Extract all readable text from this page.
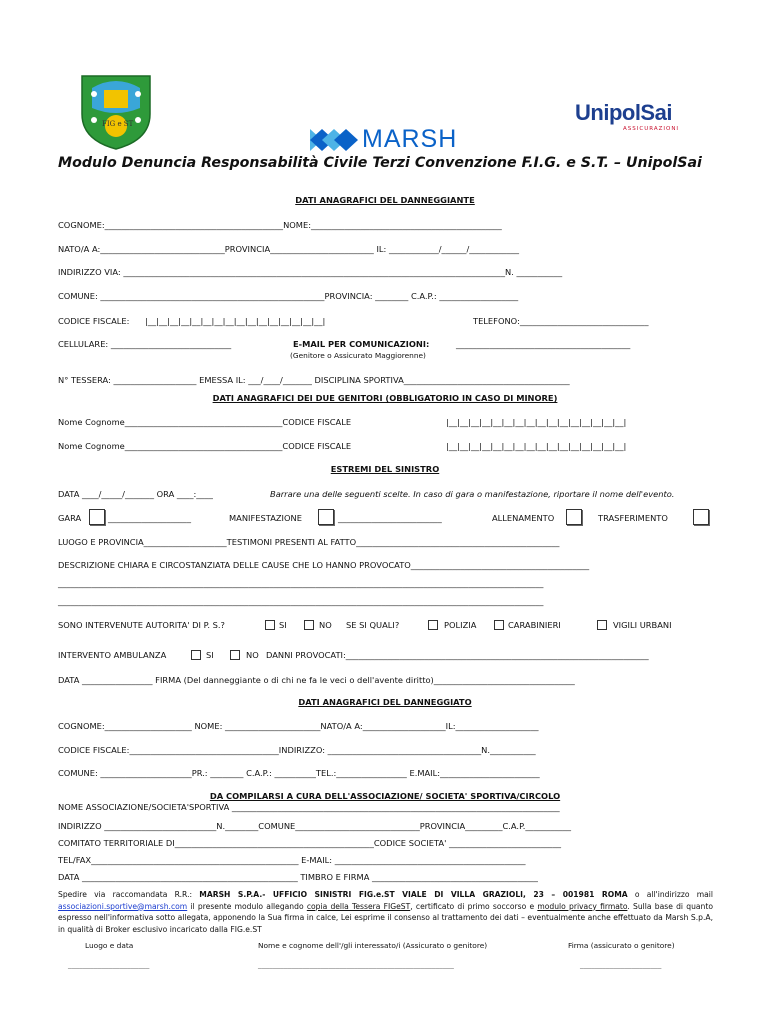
FIG e ST
MARSH
UnipolSai
ASSICURAZIONI
Modulo Denuncia Responsabilità Civile Terzi Convenzione F.I.G. e S.T. – UnipolSai
DATI ANAGRAFICI DEL DANNEGGIANTE
COGNOME:___________________________________________NOME:______________________________________________
NATO/A A:______________________________PROVINCIA_________________________ IL: ____________/______/____________
INDIRIZZO VIA: ____________________________________________________________________________________________N. ___________
COMUNE: ______________________________________________________PROVINCIA: ________ C.A.P.: ___________________
CODICE FISCALE: |__|__|__|__|__|__|__|__|__|__|__|__|__|__|__|__|	TELEFONO:_______________________________
CELLULARE: _____________________________	E-MAIL PER COMUNICAZIONI:	__________________________________________
(Genitore o Assicurato Maggiorenne)
N° TESSERA: ____________________ EMESSA IL: ___/____/_______ DISCIPLINA SPORTIVA________________________________________
DATI ANAGRAFICI DEI DUE GENITORI (OBBLIGATORIO IN CASO DI MINORE)
Nome Cognome______________________________________CODICE FISCALE	|__|__|__|__|__|__|__|__|__|__|__|__|__|__|__|__|
Nome Cognome______________________________________CODICE FISCALE	|__|__|__|__|__|__|__|__|__|__|__|__|__|__|__|__|
ESTREMI DEL SINISTRO
DATA ____/_____/_______ ORA ____:____	Barrare una delle seguenti scelte. In caso di gara o manifestazione, riportare il nome dell'evento.
GARA	____________________	MANIFESTAZIONE	_________________________	ALLENAMENTO	TRASFERIMENTO
LUOGO E PROVINCIA____________________TESTIMONI PRESENTI AL FATTO_________________________________________________
DESCRIZIONE CHIARA E CIRCOSTANZIATA DELLE CAUSE CHE LO HANNO PROVOCATO___________________________________________
_____________________________________________________________________________________________________________________
_____________________________________________________________________________________________________________________
SONO INTERVENUTE AUTORITA' DI P. S.?	SI	NO SE SI QUALI?	POLIZIA	CARABINIERI	VIGILI URBANI
INTERVENTO AMBULANZA	SI	NO DANNI PROVOCATI:_________________________________________________________________________
DATA _________________ FIRMA (Del danneggiante o di chi ne fa le veci o dell'avente diritto)__________________________________
DATI ANAGRAFICI DEL DANNEGGIATO
COGNOME:_____________________ NOME: _______________________NATO/A A:____________________IL:____________________
CODICE FISCALE:____________________________________INDIRIZZO: _____________________________________N.___________
COMUNE: ______________________PR.: ________ C.A.P.: __________TEL.:_________________ E.MAIL:________________________
DA COMPILARSI A CURA DELL'ASSOCIAZIONE/ SOCIETA' SPORTIVA/CIRCOLO
NOME ASSOCIAZIONE/SOCIETA'SPORTIVA _______________________________________________________________________________
INDIRIZZO ___________________________N.________COMUNE______________________________PROVINCIA_________C.A.P.___________
COMITATO TERRITORIALE DI________________________________________________CODICE SOCIETA' ___________________________
TEL/FAX__________________________________________________ E-MAIL: ______________________________________________
DATA ____________________________________________________ TIMBRO E FIRMA ________________________________________
Spedire via raccomandata R.R.: MARSH S.P.A.- UFFICIO SINISTRI FIG.e.ST VIALE DI VILLA GRAZIOLI, 23 – 001981 ROMA o all'indirizzo mail associazioni.sportive@marsh.com il presente modulo allegando copia della Tessera FIGeST, certificato di primo soccorso e modulo privacy firmato. Sulla base di quanto espresso nell'informativa sotto allegata, apponendo la Sua firma in calce, Lei esprime il consenso al trattamento dei dati – eventualmente anche effettuato da Marsh S.p.A, in qualità di Broker esclusivo incaricato dalla FIG.e.ST
Luogo e data	Nome e cognome dell'/gli interessato/i (Assicurato o genitore)	Firma (assicurato o genitore)
______________________	_____________________________________________________	______________________
